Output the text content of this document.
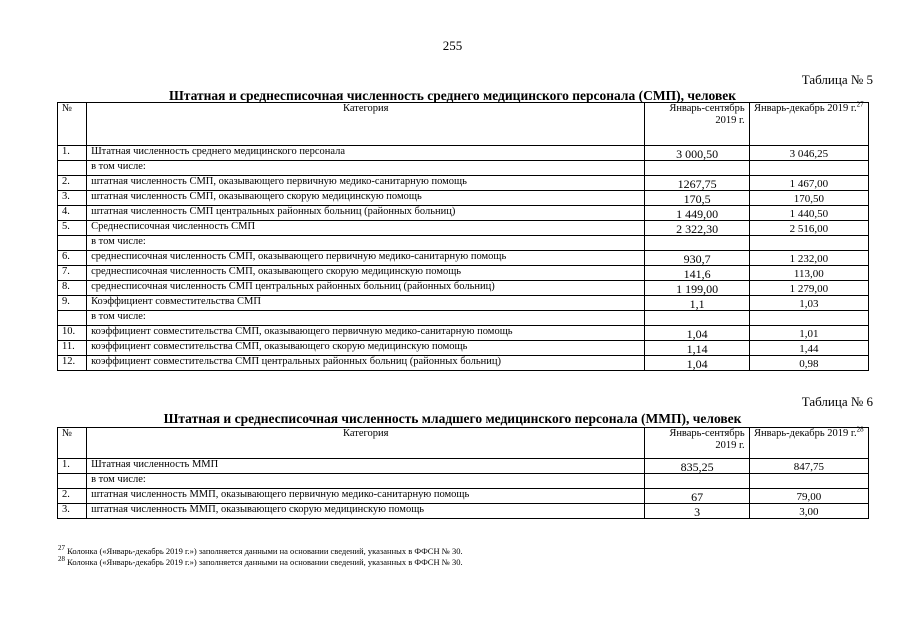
255
Таблица № 5
Штатная и среднесписочная численность среднего медицинского персонала (СМП), человек
№	Категория	Январь-сентябрь 2019 г.	Январь-декабрь 2019 г.$^{27}$
1.	Штатная численность среднего медицинского персонала	3 000,50	3 046,25
	в том числе:		
2.	штатная численность СМП, оказывающего первичную медико-санитарную помощь	1267,75	1 467,00
3.	штатная численность СМП, оказывающего скорую медицинскую помощь	170,5	170,50
4.	штатная численность СМП центральных районных больниц (районных больниц)	1 449,00	1 440,50
5.	Среднесписочная численность СМП	2 322,30	2 516,00
	в том числе:		
6.	среднесписочная численность СМП, оказывающего первичную медико-санитарную помощь	930,7	1 232,00
7.	среднесписочная численность СМП, оказывающего скорую медицинскую помощь	141,6	113,00
8.	среднесписочная численность СМП центральных районных больниц (районных больниц)	1 199,00	1 279,00
9.	Коэффициент совместительства СМП	1,1	1,03
	в том числе:		
10.	коэффициент совместительства СМП, оказывающего первичную медико-санитарную помощь	1,04	1,01
11.	коэффициент совместительства СМП, оказывающего скорую медицинскую помощь	1,14	1,44
12.	коэффициент совместительства СМП центральных районных больниц (районных больниц)	1,04	0,98
Таблица № 6
Штатная и среднесписочная численность младшего медицинского персонала (ММП), человек
№	Категория	Январь-сентябрь 2019 г.	Январь-декабрь 2019 г.$^{28}$
1.	Штатная численность ММП	835,25	847,75
	в том числе:		
2.	штатная численность ММП, оказывающего первичную медико-санитарную помощь	67	79,00
3.	штатная численность ММП, оказывающего скорую медицинскую помощь	3	3,00
$^{27}$ Колонка («Январь-декабрь 2019 г.») заполняется данными на основании сведений, указанных в ФФСН № 30.
$^{28}$ Колонка («Январь-декабрь 2019 г.») заполняется данными на основании сведений, указанных в ФФСН № 30.
